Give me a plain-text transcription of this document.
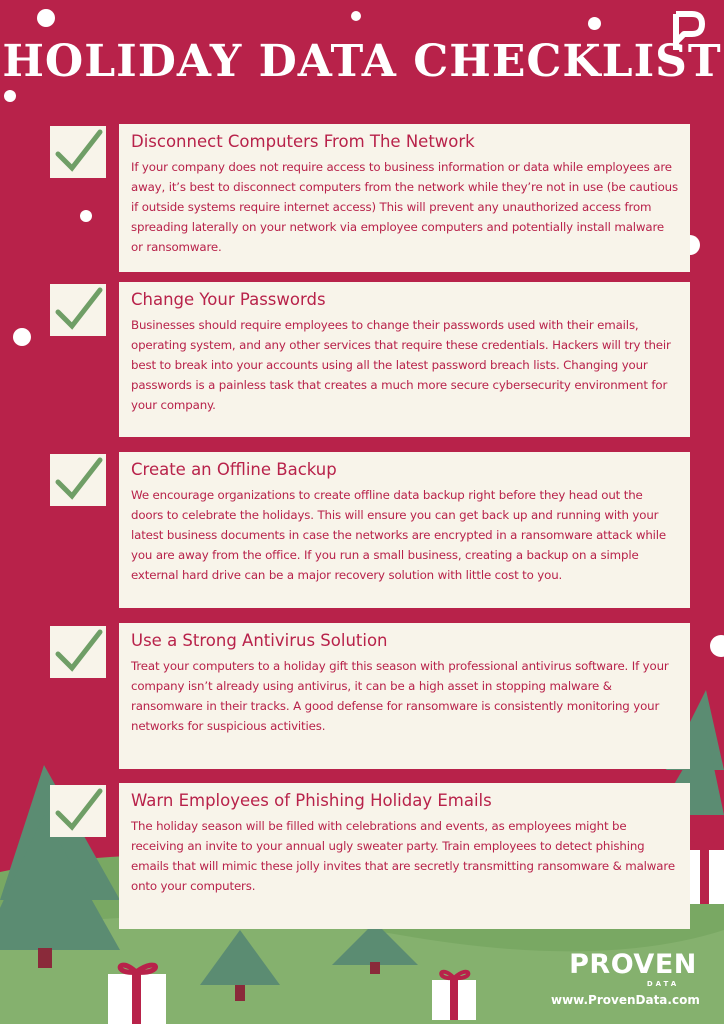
HOLIDAY DATA CHECKLIST
Disconnect Computers From The Network

If your company does not require access to business information or data while employees are away, it’s best to disconnect computers from the network while they’re not in use (be cautious if outside systems require internet access) This will prevent any unauthorized access from spreading laterally on your network via employee computers and potentially install malware or ransomware.

Change Your Passwords

Businesses should require employees to change their passwords used with their emails, operating system, and any other services that require these credentials. Hackers will try their best to break into your accounts using all the latest password breach lists. Changing your passwords is a painless task that creates a much more secure cybersecurity environment for your company.

Create an Offline Backup

We encourage organizations to create offline data backup right before they head out the doors to celebrate the holidays. This will ensure you can get back up and running with your latest business documents in case the networks are encrypted in a ransomware attack while you are away from the office. If you run a small business, creating a backup on a simple external hard drive can be a major recovery solution with little cost to you.

Use a Strong Antivirus Solution

Treat your computers to a holiday gift this season with professional antivirus software. If your company isn’t already using antivirus, it can be a high asset in stopping malware & ransomware in their tracks. A good defense for ransomware is consistently monitoring your networks for suspicious activities.

Warn Employees of Phishing Holiday Emails

The holiday season will be filled with celebrations and events, as employees might be receiving an invite to your annual ugly sweater party. Train employees to detect phishing emails that will mimic these jolly invites that are secretly transmitting ransomware & malware onto your computers.

PROVEN
DATA
www.ProvenData.com
